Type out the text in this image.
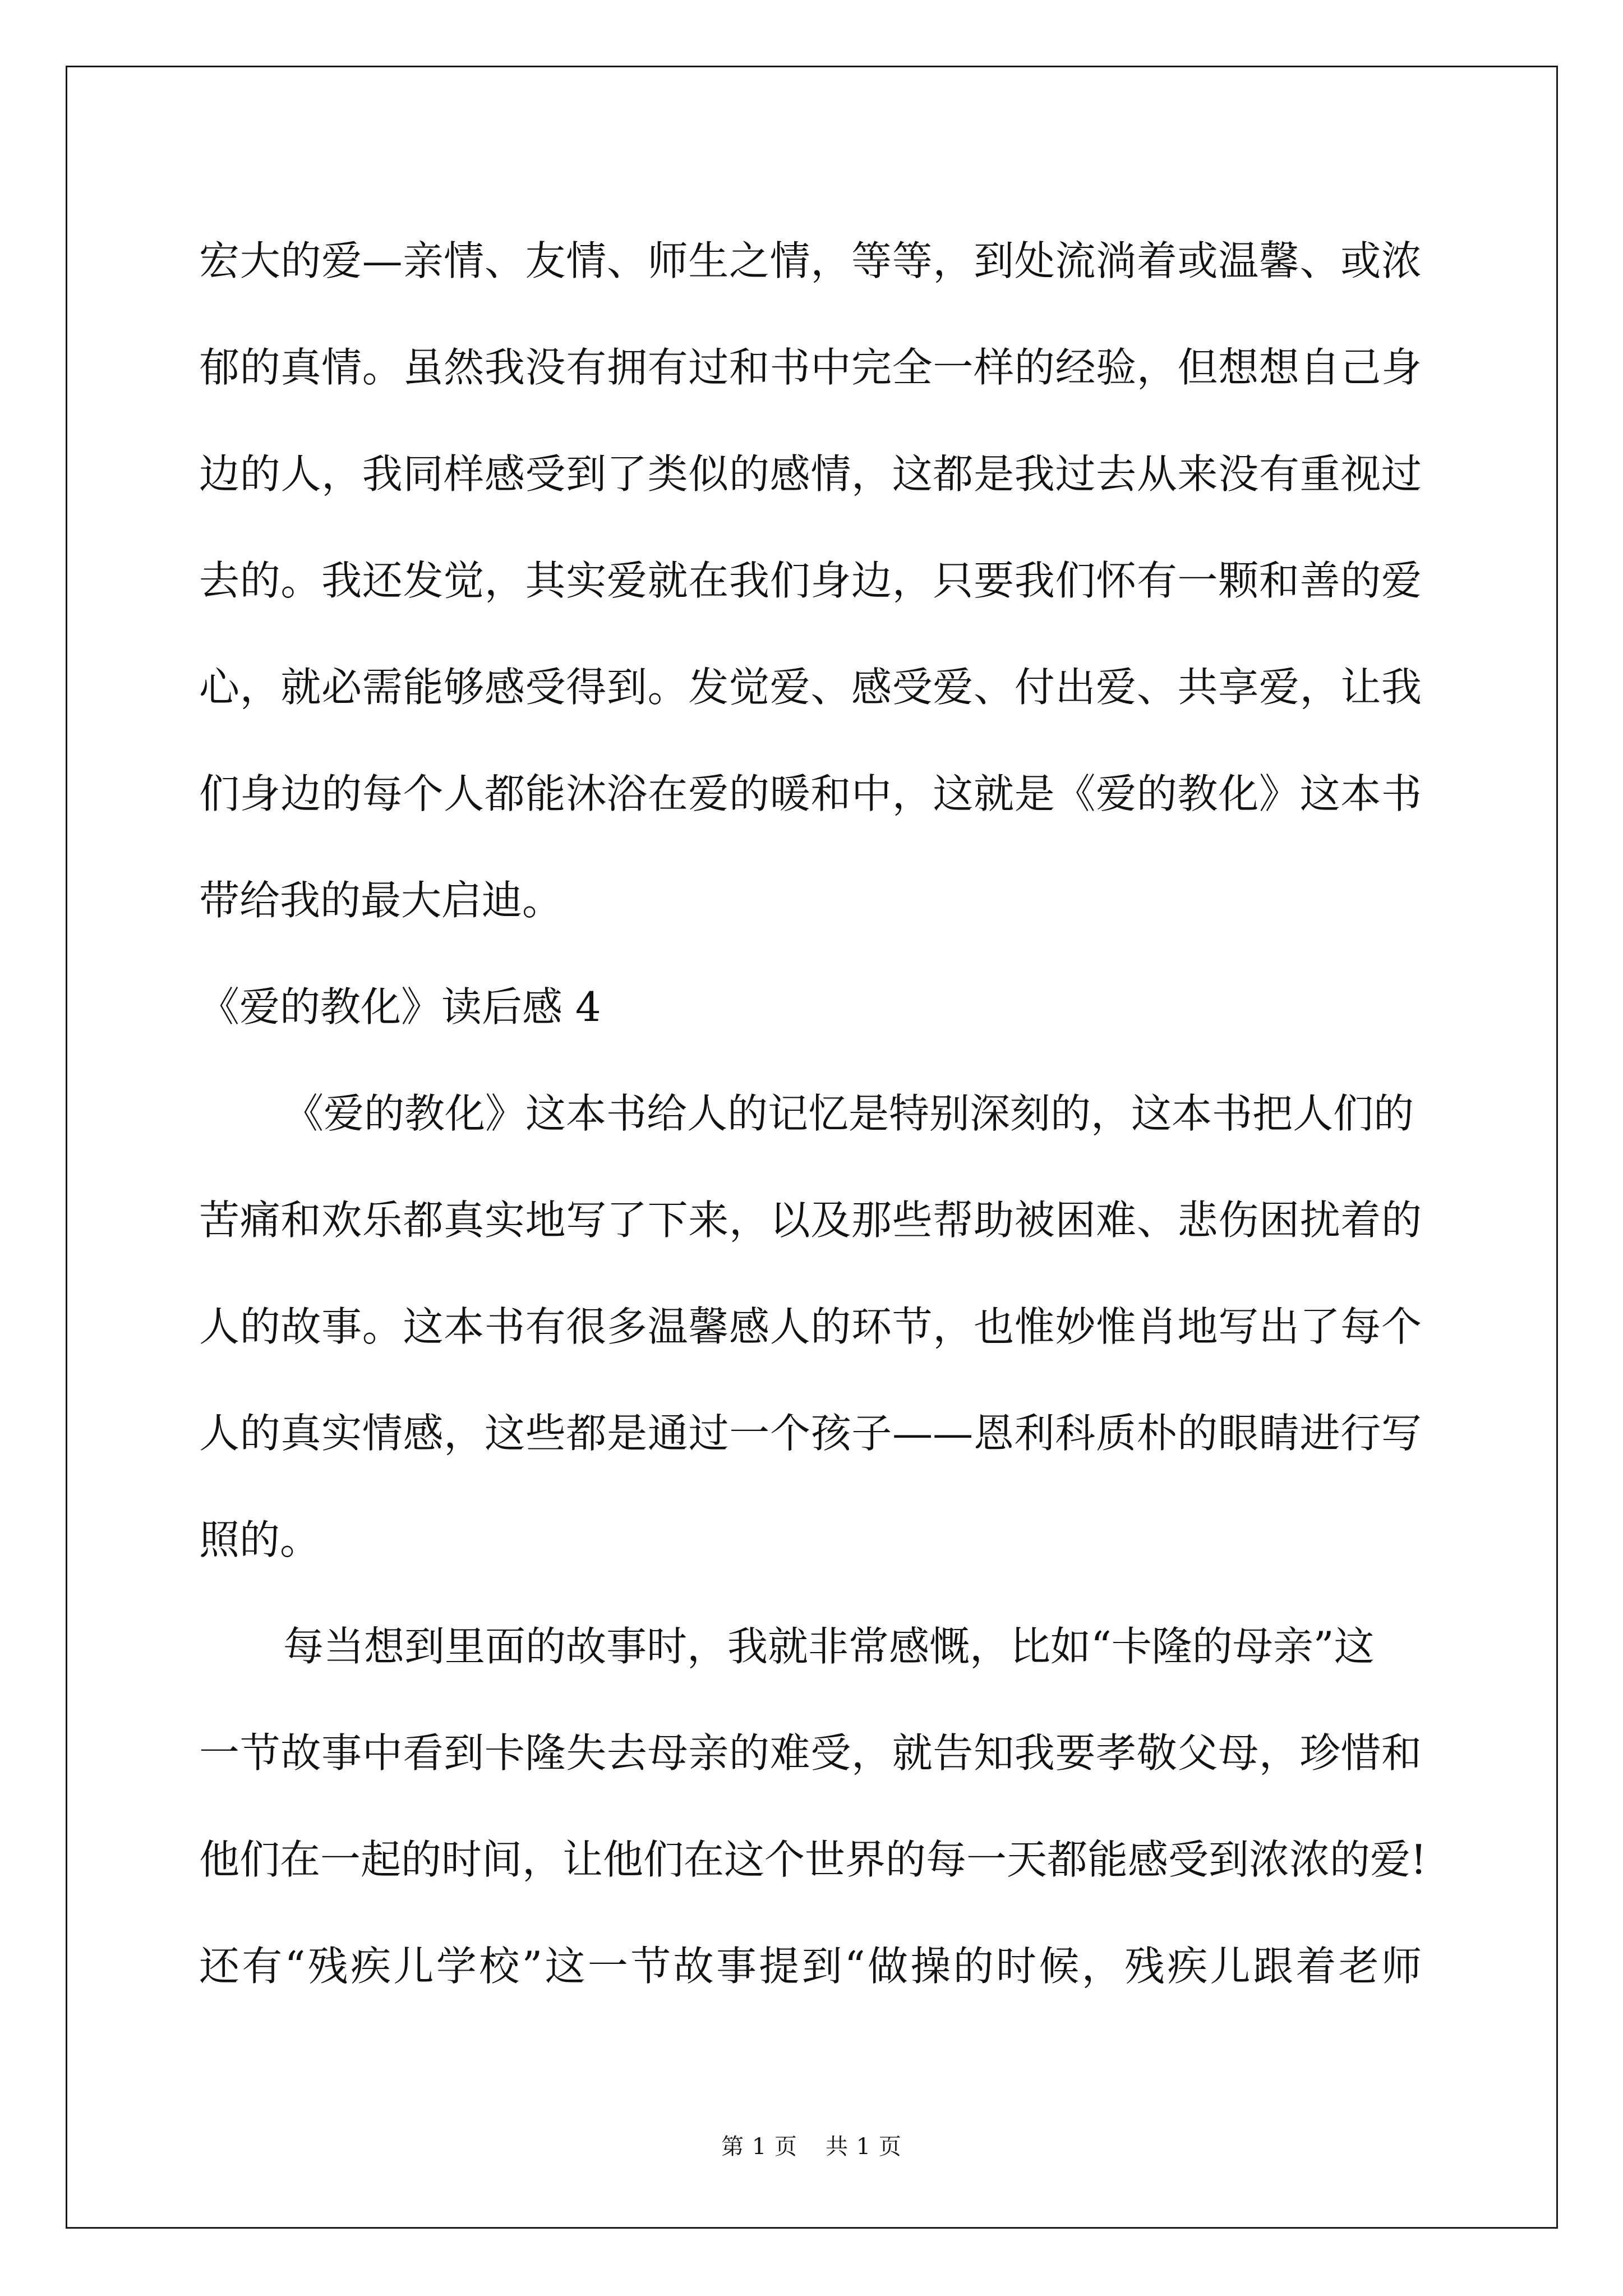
宏大的爱—亲情、友情、师生之情，等等，到处流淌着或温馨、或浓
郁的真情。虽然我没有拥有过和书中完全一样的经验，但想想自己身
边的人，我同样感受到了类似的感情，这都是我过去从来没有重视过
去的。我还发觉，其实爱就在我们身边，只要我们怀有一颗和善的爱
心，就必需能够感受得到。发觉爱、感受爱、付出爱、共享爱，让我
们身边的每个人都能沐浴在爱的暖和中，这就是《爱的教化》这本书
带给我的最大启迪。
《爱的教化》读后感 4
《爱的教化》这本书给人的记忆是特别深刻的，这本书把人们的
苦痛和欢乐都真实地写了下来，以及那些帮助被困难、悲伤困扰着的
人的故事。这本书有很多温馨感人的环节，也惟妙惟肖地写出了每个
人的真实情感，这些都是通过一个孩子——恩利科质朴的眼睛进行写
照的。
每当想到里面的故事时，我就非常感慨，比如“卡隆的母亲”这
一节故事中看到卡隆失去母亲的难受，就告知我要孝敬父母，珍惜和
他们在一起的时间，让他们在这个世界的每一天都能感受到浓浓的爱!
还有“残疾儿学校”这一节故事提到“做操的时候，残疾儿跟着老师
第 1 页 共 1 页
